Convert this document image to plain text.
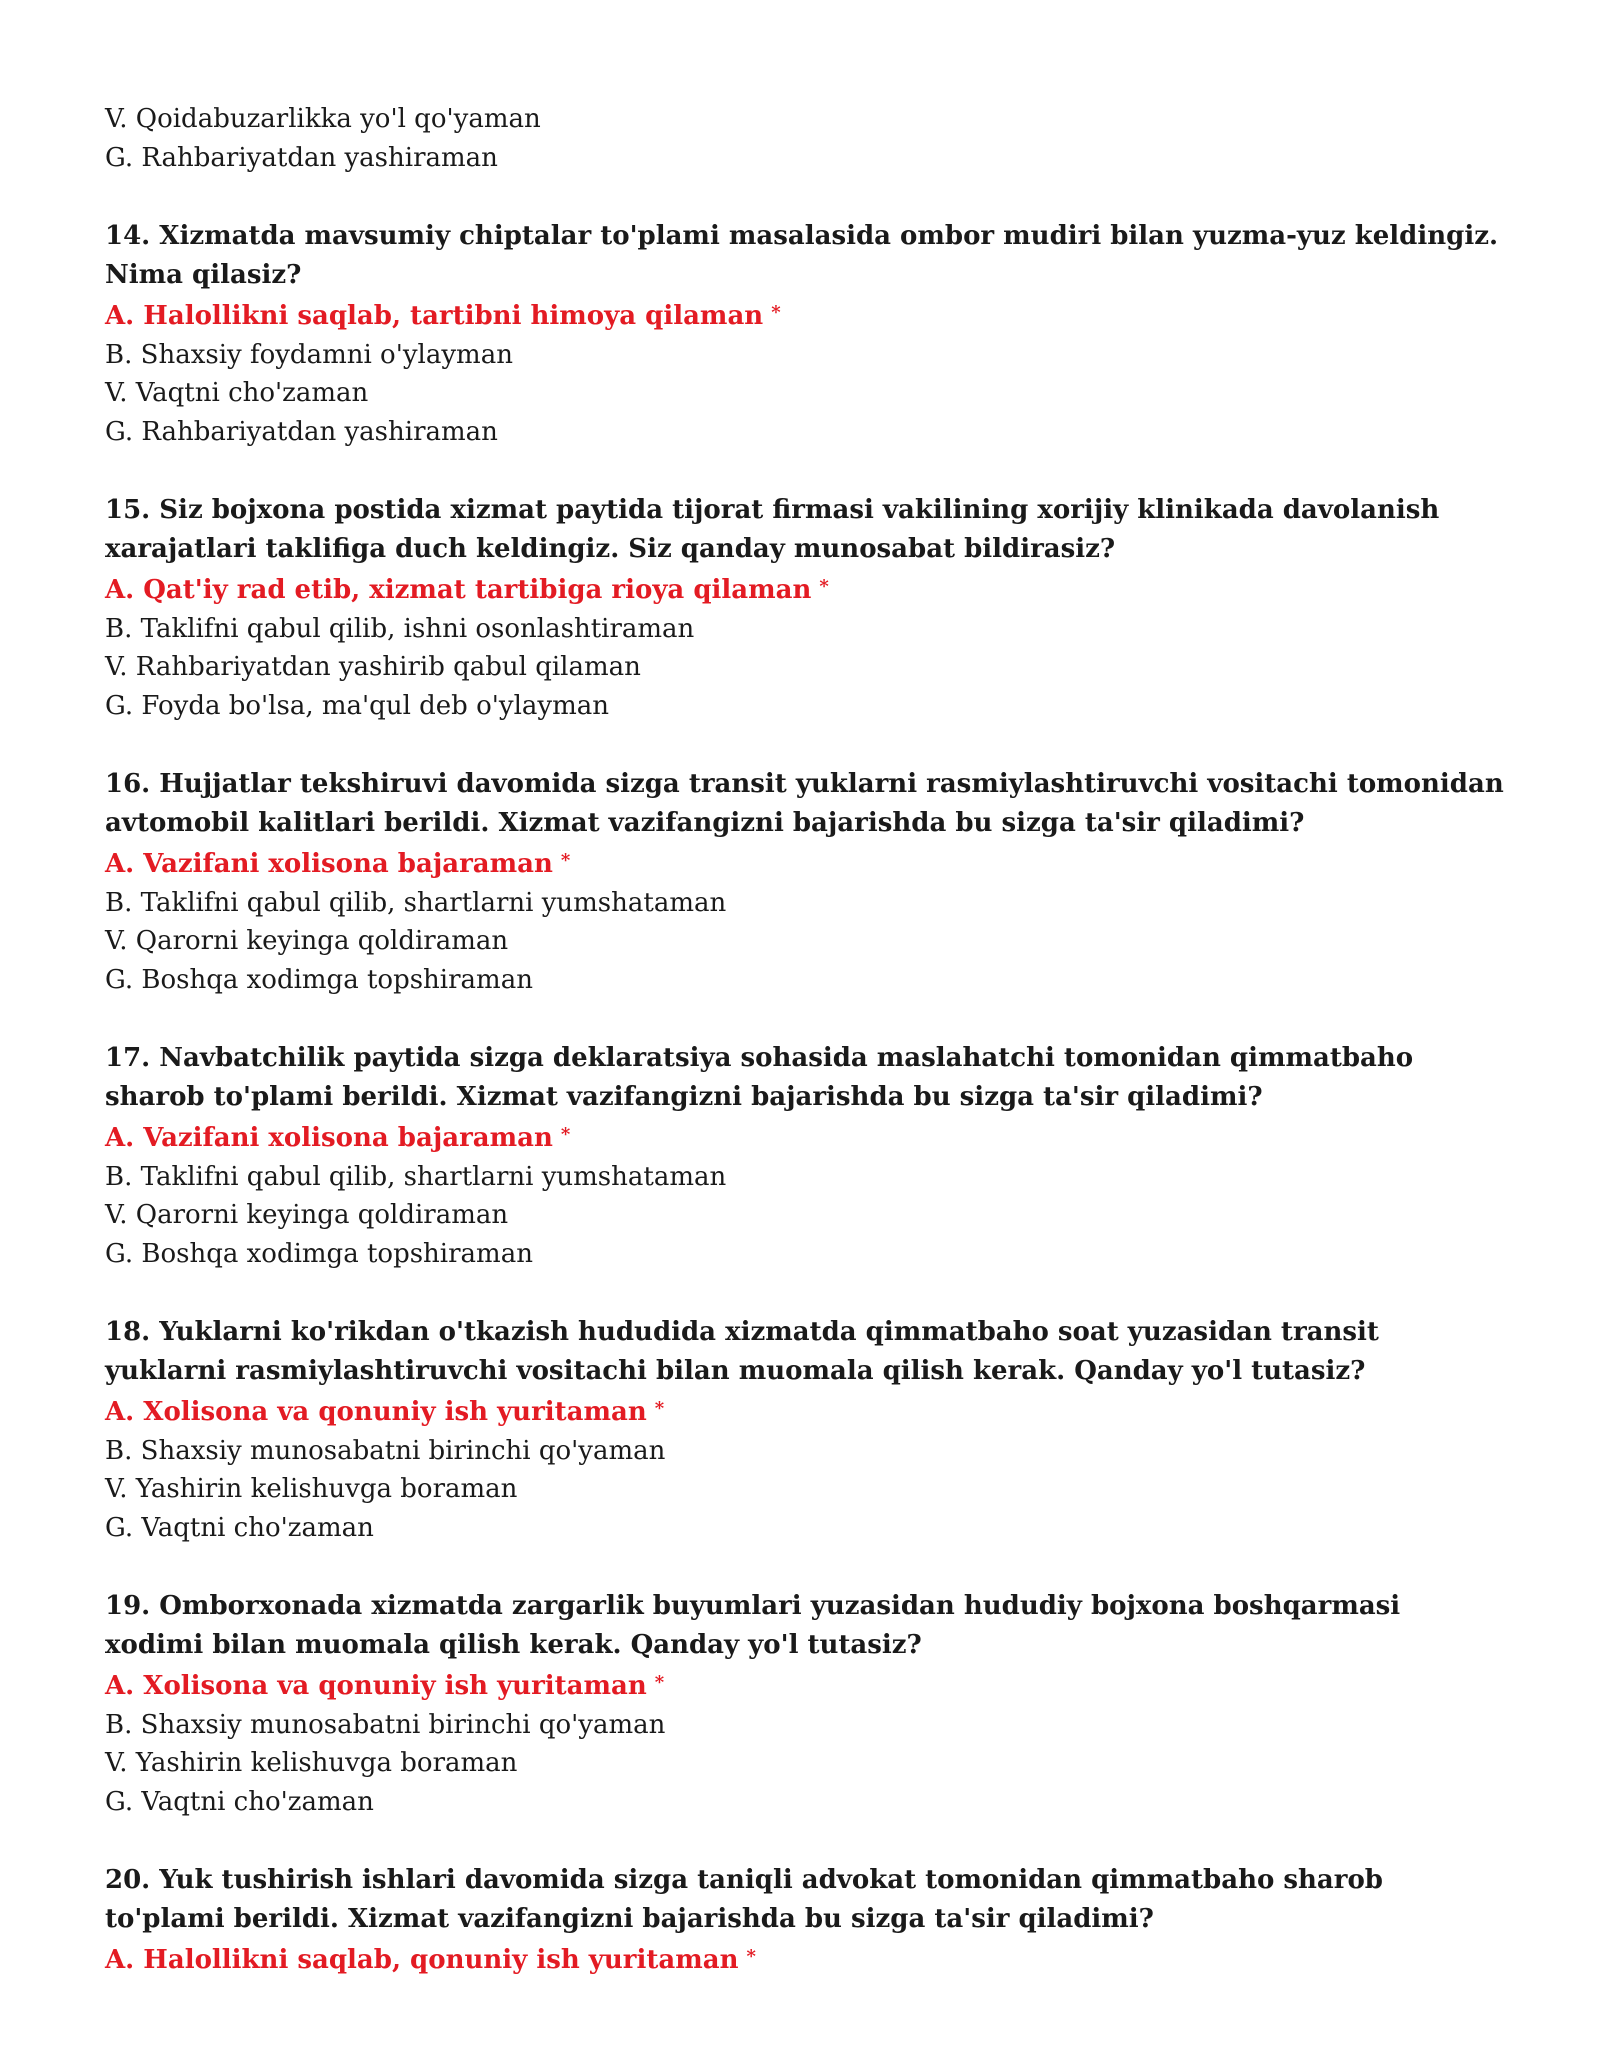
V. Qoidabuzarlikka yo'l qo'yaman
G. Rahbariyatdan yashiraman
14. Xizmatda mavsumiy chiptalar to'plami masalasida ombor mudiri bilan yuzma-yuz keldingiz. Nima qilasiz?
A. Halollikni saqlab, tartibni himoya qilaman *
B. Shaxsiy foydamni o'ylayman
V. Vaqtni cho'zaman
G. Rahbariyatdan yashiraman
15. Siz bojxona postida xizmat paytida tijorat firmasi vakilining xorijiy klinikada davolanish xarajatlari taklifiga duch keldingiz. Siz qanday munosabat bildirasiz?
A. Qat'iy rad etib, xizmat tartibiga rioya qilaman *
B. Taklifni qabul qilib, ishni osonlashtiraman
V. Rahbariyatdan yashirib qabul qilaman
G. Foyda bo'lsa, ma'qul deb o'ylayman
16. Hujjatlar tekshiruvi davomida sizga transit yuklarni rasmiylashtiruvchi vositachi tomonidan avtomobil kalitlari berildi. Xizmat vazifangizni bajarishda bu sizga ta'sir qiladimi?
A. Vazifani xolisona bajaraman *
B. Taklifni qabul qilib, shartlarni yumshataman
V. Qarorni keyinga qoldiraman
G. Boshqa xodimga topshiraman
17. Navbatchilik paytida sizga deklaratsiya sohasida maslahatchi tomonidan qimmatbaho sharob to'plami berildi. Xizmat vazifangizni bajarishda bu sizga ta'sir qiladimi?
A. Vazifani xolisona bajaraman *
B. Taklifni qabul qilib, shartlarni yumshataman
V. Qarorni keyinga qoldiraman
G. Boshqa xodimga topshiraman
18. Yuklarni ko'rikdan o'tkazish hududida xizmatda qimmatbaho soat yuzasidan transit yuklarni rasmiylashtiruvchi vositachi bilan muomala qilish kerak. Qanday yo'l tutasiz?
A. Xolisona va qonuniy ish yuritaman *
B. Shaxsiy munosabatni birinchi qo'yaman
V. Yashirin kelishuvga boraman
G. Vaqtni cho'zaman
19. Omborxonada xizmatda zargarlik buyumlari yuzasidan hududiy bojxona boshqarmasi xodimi bilan muomala qilish kerak. Qanday yo'l tutasiz?
A. Xolisona va qonuniy ish yuritaman *
B. Shaxsiy munosabatni birinchi qo'yaman
V. Yashirin kelishuvga boraman
G. Vaqtni cho'zaman
20. Yuk tushirish ishlari davomida sizga taniqli advokat tomonidan qimmatbaho sharob to'plami berildi. Xizmat vazifangizni bajarishda bu sizga ta'sir qiladimi?
A. Halollikni saqlab, qonuniy ish yuritaman *
